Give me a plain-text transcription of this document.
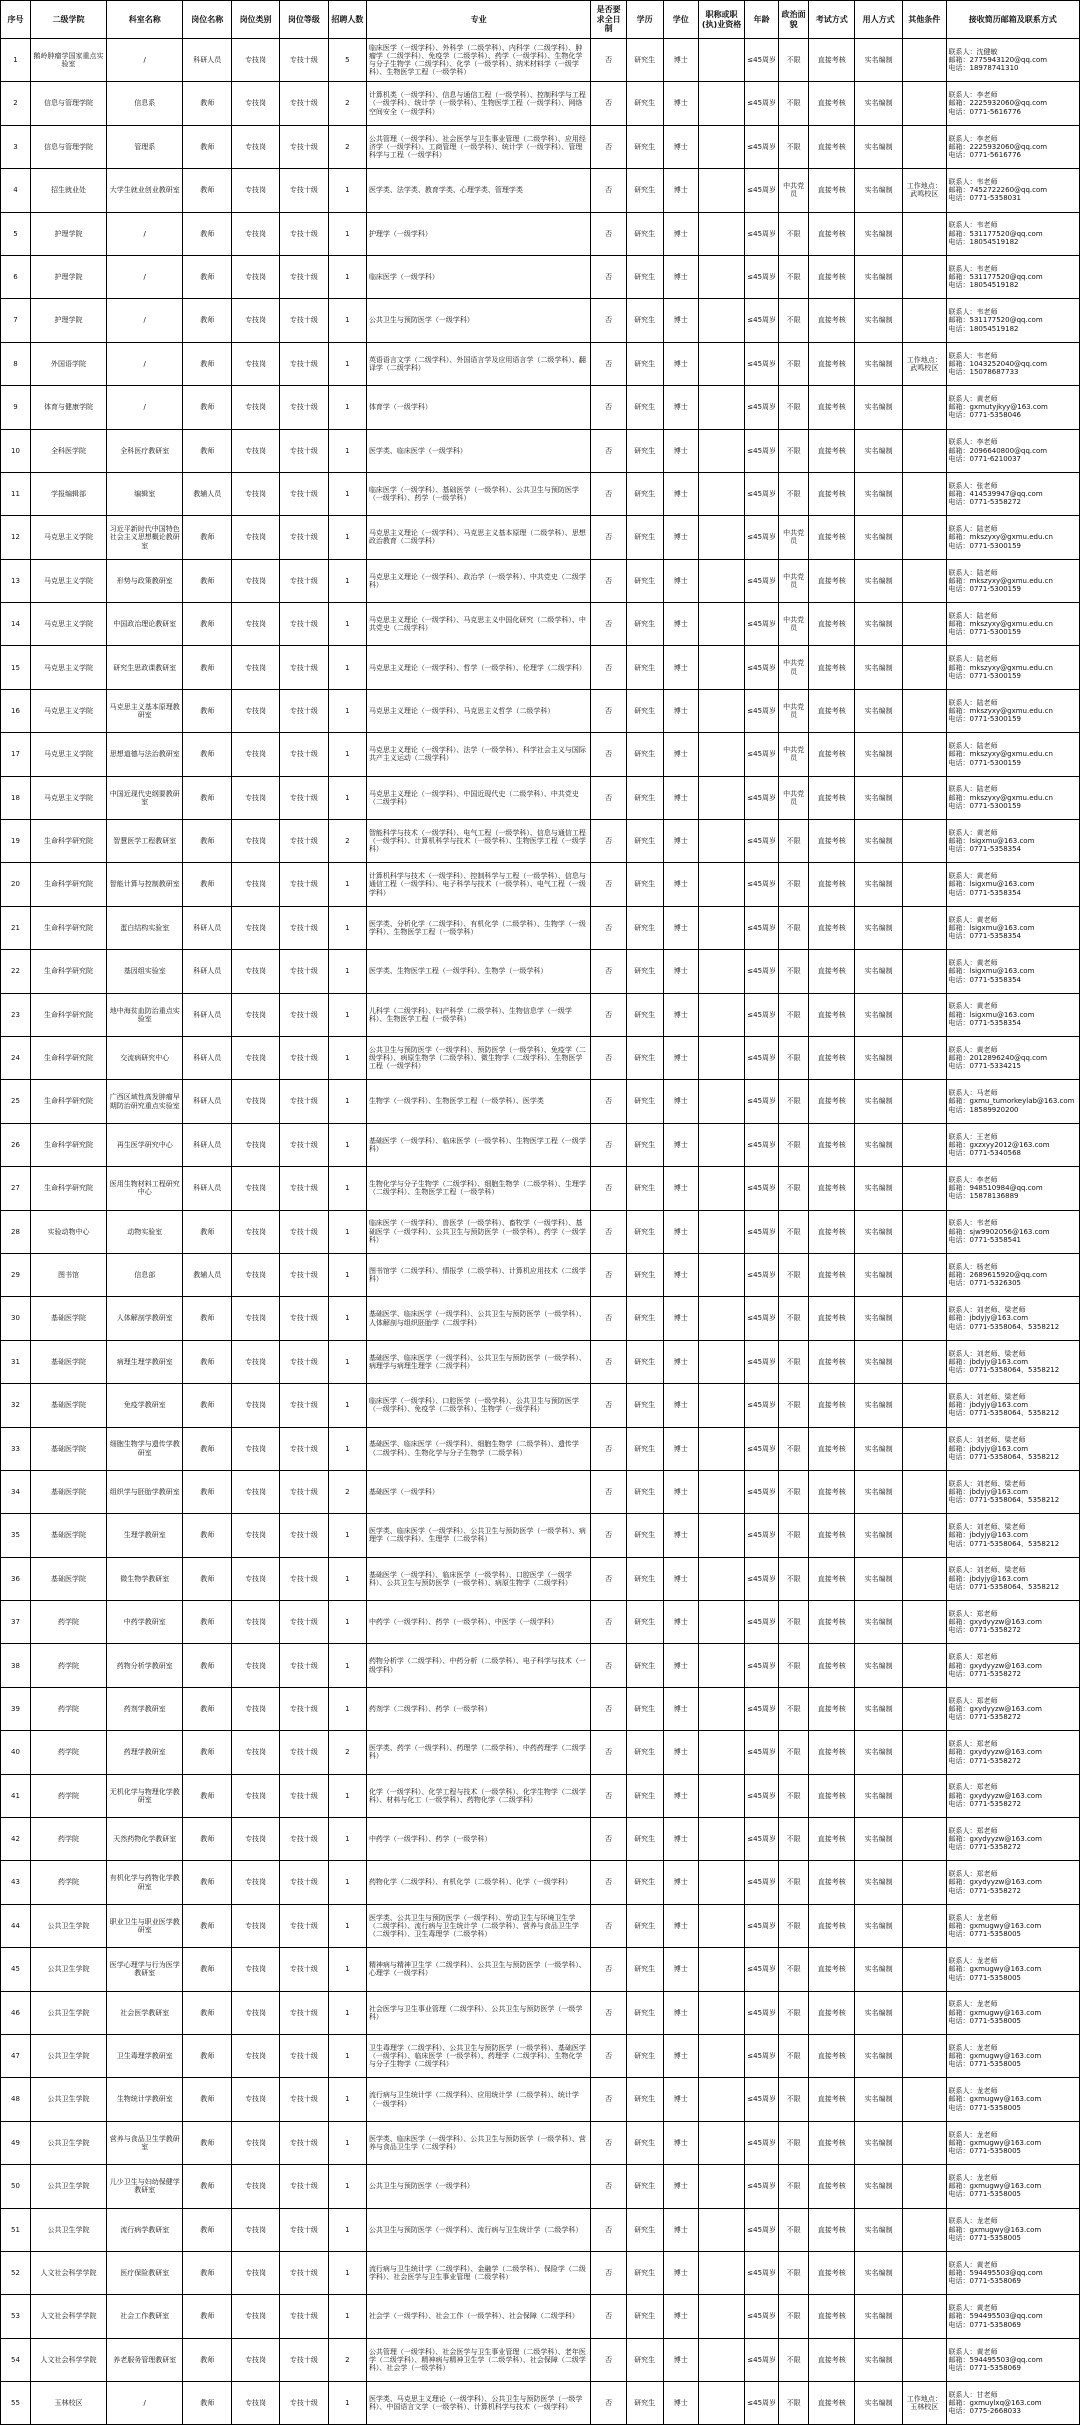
序号	二级学院	科室名称	岗位名称	岗位类别	岗位等级	招聘人数	专业	是否要求全日制	学历	学位	职称或职(执)业资格	年龄	政治面貌	考试方式	用人方式	其他条件	接收简历邮箱及联系方式
1	鹅岭肿瘤学国家重点实验室	/	科研人员	专技岗	专技十级	5	临床医学（一级学科）、外科学（二级学科）、内科学（二级学科）、肿瘤学（二级学科）、免疫学（二级学科）、药学（一级学科）、生物化学与分子生物学（二级学科）、化学（一级学科）、纳米材料学（一级学科）、生物医学工程（一级学科）	否	研究生	博士		≤45周岁	不限	直接考核	实名编制		联系人：沈健敏
邮箱：2775943120@qq.com
电话：18978741310
2	信息与管理学院	信息系	教师	专技岗	专技十级	2	计算机类（一级学科）、信息与通信工程（一级学科）、控制科学与工程（一级学科）、统计学（一级学科）、生物医学工程（一级学科）、网络空间安全（一级学科）	否	研究生	博士		≤45周岁	不限	直接考核	实名编制		联系人：李老师
邮箱：2225932060@qq.com
电话：0771-5616776
3	信息与管理学院	管理系	教师	专技岗	专技十级	2	公共管理（一级学科）、社会医学与卫生事业管理（二级学科）、应用经济学（一级学科）、工商管理（一级学科）、统计学（一级学科）、管理科学与工程（一级学科）	否	研究生	博士		≤45周岁	不限	直接考核	实名编制		联系人：李老师
邮箱：2225932060@qq.com
电话：0771-5616776
4	招生就业处	大学生就业创业教研室	教师	专技岗	专技十级	1	医学类、法学类、教育学类、心理学类、管理学类	否	研究生	博士		≤45周岁	中共党员	直接考核	实名编制	工作地点：武鸣校区	联系人：韦老师
邮箱：7452722260@qq.com
电话：0771-5358031
5	护理学院	/	教师	专技岗	专技十级	1	护理学（一级学科）	否	研究生	博士		≤45周岁	不限	直接考核	实名编制		联系人：韦老师
邮箱：531177520@qq.com
电话：18054519182
6	护理学院	/	教师	专技岗	专技十级	1	临床医学（一级学科）	否	研究生	博士		≤45周岁	不限	直接考核	实名编制		联系人：韦老师
邮箱：531177520@qq.com
电话：18054519182
7	护理学院	/	教师	专技岗	专技十级	1	公共卫生与预防医学（一级学科）	否	研究生	博士		≤45周岁	不限	直接考核	实名编制		联系人：韦老师
邮箱：531177520@qq.com
电话：18054519182
8	外国语学院	/	教师	专技岗	专技十级	1	英语语言文学（二级学科）、外国语言学及应用语言学（二级学科）、翻译学（二级学科）	否	研究生	博士		≤45周岁	不限	直接考核	实名编制	工作地点：武鸣校区	联系人：韦老师
邮箱：1043252040@qq.com
电话：15078687733
9	体育与健康学院	/	教师	专技岗	专技十级	1	体育学（一级学科）	否	研究生	博士		≤45周岁	不限	直接考核	实名编制		联系人：黄老师
邮箱：gxmutyjkyy@163.com
电话：0771-5358046
10	全科医学院	全科医疗教研室	教师	专技岗	专技十级	1	医学类、临床医学（一级学科）	否	研究生	博士		≤45周岁	不限	直接考核	实名编制		联系人：李老师
邮箱：2096640800@qq.com
电话：0771-6210037
11	学报编辑部	编辑室	教辅人员	专技岗	专技十级	1	临床医学（一级学科）、基础医学（一级学科）、公共卫生与预防医学（一级学科）、药学（一级学科）	否	研究生	博士		≤45周岁	不限	直接考核	实名编制		联系人：张老师
邮箱：414539947@qq.com
电话：0771-5358272
12	马克思主义学院	习近平新时代中国特色社会主义思想概论教研室	教师	专技岗	专技十级	1	马克思主义理论（一级学科）、马克思主义基本原理（二级学科）、思想政治教育（二级学科）	否	研究生	博士		≤45周岁	中共党员	直接考核	实名编制		联系人：陆老师
邮箱：mkszyxy@gxmu.edu.cn
电话：0771-5300159
13	马克思主义学院	形势与政策教研室	教师	专技岗	专技十级	1	马克思主义理论（一级学科）、政治学（一级学科）、中共党史（二级学科）	否	研究生	博士		≤45周岁	中共党员	直接考核	实名编制		联系人：陆老师
邮箱：mkszyxy@gxmu.edu.cn
电话：0771-5300159
14	马克思主义学院	中国政治理论教研室	教师	专技岗	专技十级	1	马克思主义理论（一级学科）、马克思主义中国化研究（二级学科）、中共党史（二级学科）	否	研究生	博士		≤45周岁	中共党员	直接考核	实名编制		联系人：陆老师
邮箱：mkszyxy@gxmu.edu.cn
电话：0771-5300159
15	马克思主义学院	研究生思政课教研室	教师	专技岗	专技十级	1	马克思主义理论（一级学科）、哲学（一级学科）、伦理学（二级学科）	否	研究生	博士		≤45周岁	中共党员	直接考核	实名编制		联系人：陆老师
邮箱：mkszyxy@gxmu.edu.cn
电话：0771-5300159
16	马克思主义学院	马克思主义基本原理教研室	教师	专技岗	专技十级	1	马克思主义理论（一级学科）、马克思主义哲学（二级学科）	否	研究生	博士		≤45周岁	中共党员	直接考核	实名编制		联系人：陆老师
邮箱：mkszyxy@gxmu.edu.cn
电话：0771-5300159
17	马克思主义学院	思想道德与法治教研室	教师	专技岗	专技十级	1	马克思主义理论（一级学科）、法学（一级学科）、科学社会主义与国际共产主义运动（二级学科）	否	研究生	博士		≤45周岁	中共党员	直接考核	实名编制		联系人：陆老师
邮箱：mkszyxy@gxmu.edu.cn
电话：0771-5300159
18	马克思主义学院	中国近现代史纲要教研室	教师	专技岗	专技十级	1	马克思主义理论（一级学科）、中国近现代史（二级学科）、中共党史（二级学科）	否	研究生	博士		≤45周岁	中共党员	直接考核	实名编制		联系人：陆老师
邮箱：mkszyxy@gxmu.edu.cn
电话：0771-5300159
19	生命科学研究院	智慧医学工程教研室	教师	专技岗	专技十级	2	智能科学与技术（一级学科）、电气工程（一级学科）、信息与通信工程（一级学科）、计算机科学与技术（一级学科）、生物医学工程（一级学科）	否	研究生	博士		≤45周岁	不限	直接考核	实名编制		联系人：黄老师
邮箱：lsigxmu@163.com
电话：0771-5358354
20	生命科学研究院	智能计算与控制教研室	教师	专技岗	专技十级	1	计算机科学与技术（一级学科）、控制科学与工程（一级学科）、信息与通信工程（一级学科）、电子科学与技术（一级学科）、电气工程（一级学科）	否	研究生	博士		≤45周岁	不限	直接考核	实名编制		联系人：黄老师
邮箱：lsigxmu@163.com
电话：0771-5358354
21	生命科学研究院	蛋白结构实验室	科研人员	专技岗	专技十级	1	医学类、分析化学（二级学科）、有机化学（二级学科）、生物学（一级学科）、生物医学工程（一级学科）	否	研究生	博士		≤45周岁	不限	直接考核	实名编制		联系人：黄老师
邮箱：lsigxmu@163.com
电话：0771-5358354
22	生命科学研究院	基因组实验室	科研人员	专技岗	专技十级	1	医学类、生物医学工程（一级学科）、生物学（一级学科）	否	研究生	博士		≤45周岁	不限	直接考核	实名编制		联系人：黄老师
邮箱：lsigxmu@163.com
电话：0771-5358354
23	生命科学研究院	地中海贫血防治重点实验室	科研人员	专技岗	专技十级	1	儿科学（二级学科）、妇产科学（二级学科）、生物信息学（一级学科）、生物医学工程（一级学科）	否	研究生	博士		≤45周岁	不限	直接考核	实名编制		联系人：黄老师
邮箱：lsigxmu@163.com
电话：0771-5358354
24	生命科学研究院	交流病研究中心	科研人员	专技岗	专技十级	1	公共卫生与预防医学（一级学科）、预防医学（一级学科）、免疫学（二级学科）、病原生物学（二级学科）、微生物学（二级学科）、生物医学工程（一级学科）	否	研究生	博士		≤45周岁	不限	直接考核	实名编制		联系人：黄老师
邮箱：2012896240@qq.com
电话：0771-5334215
25	生命科学研究院	广西区域性高发肿瘤早期防治研究重点实验室	科研人员	专技岗	专技十级	1	生物学（一级学科）、生物医学工程（一级学科）、医学类	否	研究生	博士		≤45周岁	不限	直接考核	实名编制		联系人：马老师
邮箱：gxmu_tumorkeylab@163.com
电话：18589920200
26	生命科学研究院	再生医学研究中心	科研人员	专技岗	专技十级	1	基础医学（一级学科）、临床医学（一级学科）、生物医学工程（一级学科）	否	研究生	博士		≤45周岁	不限	直接考核	实名编制		联系人：王老师
邮箱：gxzxyy2012@163.com
电话：0771-5340568
27	生命科学研究院	医用生物材料工程研究中心	科研人员	专技岗	专技十级	1	生物化学与分子生物学（二级学科）、细胞生物学（二级学科）、生理学（二级学科）、生物医学工程（一级学科）	否	研究生	博士		≤45周岁	不限	直接考核	实名编制		联系人：李老师
邮箱：948510984@qq.com
电话：15878136889
28	实验动物中心	动物实验室	教师	专技岗	专技十级	1	临床医学（一级学科）、兽医学（一级学科）、畜牧学（一级学科）、基础医学（一级学科）、公共卫生与预防医学（一级学科）、药学（一级学科）	否	研究生	博士		≤45周岁	不限	直接考核	实名编制		联系人：韦老师
邮箱：sjw9902056@163.com
电话：0771-5358541
29	图书馆	信息部	教辅人员	专技岗	专技十级	1	图书馆学（二级学科）、情报学（二级学科）、计算机应用技术（二级学科）	否	研究生	博士		≤45周岁	不限	直接考核	实名编制		联系人：杨老师
邮箱：2689615920@qq.com
电话：0771-5326305
30	基础医学院	人体解剖学教研室	教师	专技岗	专技十级	1	基础医学、临床医学（一级学科）、公共卫生与预防医学（一级学科）、人体解剖与组织胚胎学（二级学科）	否	研究生	博士		≤45周岁	不限	直接考核	实名编制		联系人：刘老师、梁老师
邮箱：jbdyjy@163.com
电话：0771-5358064、5358212
31	基础医学院	病理生理学教研室	教师	专技岗	专技十级	1	基础医学、临床医学（一级学科）、公共卫生与预防医学（一级学科）、病理学与病理生理学（二级学科）	否	研究生	博士		≤45周岁	不限	直接考核	实名编制		联系人：刘老师、梁老师
邮箱：jbdyjy@163.com
电话：0771-5358064、5358212
32	基础医学院	免疫学教研室	教师	专技岗	专技十级	1	临床医学（一级学科）、口腔医学（一级学科）、公共卫生与预防医学（一级学科）、免疫学（二级学科）、生物学（一级学科）	否	研究生	博士		≤45周岁	不限	直接考核	实名编制		联系人：刘老师、梁老师
邮箱：jbdyjy@163.com
电话：0771-5358064、5358212
33	基础医学院	细胞生物学与遗传学教研室	教师	专技岗	专技十级	1	基础医学、临床医学（一级学科）、细胞生物学（二级学科）、遗传学（二级学科）、生物化学与分子生物学（二级学科）	否	研究生	博士		≤45周岁	不限	直接考核	实名编制		联系人：刘老师、梁老师
邮箱：jbdyjy@163.com
电话：0771-5358064、5358212
34	基础医学院	组织学与胚胎学教研室	教师	专技岗	专技十级	2	基础医学（一级学科）	否	研究生	博士		≤45周岁	不限	直接考核	实名编制		联系人：刘老师、梁老师
邮箱：jbdyjy@163.com
电话：0771-5358064、5358212
35	基础医学院	生理学教研室	教师	专技岗	专技十级	1	医学类、临床医学（一级学科）、公共卫生与预防医学（一级学科）、病理学（二级学科）、生理学（二级学科）	否	研究生	博士		≤45周岁	不限	直接考核	实名编制		联系人：刘老师、梁老师
邮箱：jbdyjy@163.com
电话：0771-5358064、5358212
36	基础医学院	微生物学教研室	教师	专技岗	专技十级	1	基础医学（一级学科）、临床医学（一级学科）、口腔医学（一级学科）、公共卫生与预防医学（一级学科）、病原生物学（二级学科）	否	研究生	博士		≤45周岁	不限	直接考核	实名编制		联系人：刘老师、梁老师
邮箱：jbdyjy@163.com
电话：0771-5358064、5358212
37	药学院	中药学教研室	教师	专技岗	专技十级	1	中药学（一级学科）、药学（一级学科）、中医学（一级学科）	否	研究生	博士		≤45周岁	不限	直接考核	实名编制		联系人：郑老师
邮箱：gxydyyzw@163.com
电话：0771-5358272
38	药学院	药物分析学教研室	教师	专技岗	专技十级	1	药物分析学（二级学科）、中药分析（二级学科）、电子科学与技术（一级学科）	否	研究生	博士		≤45周岁	不限	直接考核	实名编制		联系人：郑老师
邮箱：gxydyyzw@163.com
电话：0771-5358272
39	药学院	药剂学教研室	教师	专技岗	专技十级	1	药剂学（二级学科）、药学（一级学科）	否	研究生	博士		≤45周岁	不限	直接考核	实名编制		联系人：郑老师
邮箱：gxydyyzw@163.com
电话：0771-5358272
40	药学院	药理学教研室	教师	专技岗	专技十级	2	医学类、药学（一级学科）、药理学（二级学科）、中药药理学（二级学科）	否	研究生	博士		≤45周岁	不限	直接考核	实名编制		联系人：郑老师
邮箱：gxydyyzw@163.com
电话：0771-5358272
41	药学院	无机化学与物理化学教研室	教师	专技岗	专技十级	1	化学（一级学科）、化学工程与技术（一级学科）、化学生物学（二级学科）、材料与化工（一级学科）、药物化学（二级学科）	否	研究生	博士		≤45周岁	不限	直接考核	实名编制		联系人：郑老师
邮箱：gxydyyzw@163.com
电话：0771-5358272
42	药学院	天然药物化学教研室	教师	专技岗	专技十级	1	中药学（一级学科）、药学（一级学科）	否	研究生	博士		≤45周岁	不限	直接考核	实名编制		联系人：郑老师
邮箱：gxydyyzw@163.com
电话：0771-5358272
43	药学院	有机化学与药物化学教研室	教师	专技岗	专技十级	1	药物化学（二级学科）、有机化学（二级学科）、化学（一级学科）	否	研究生	博士		≤45周岁	不限	直接考核	实名编制		联系人：郑老师
邮箱：gxydyyzw@163.com
电话：0771-5358272
44	公共卫生学院	职业卫生与职业医学教研室	教师	专技岗	专技十级	1	医学类、公共卫生与预防医学（一级学科）、劳动卫生与环境卫生学（二级学科）、流行病与卫生统计学（二级学科）、营养与食品卫生学（二级学科）、卫生毒理学（二级学科）	否	研究生	博士		≤45周岁	不限	直接考核	实名编制		联系人：龙老师
邮箱：gxmugwy@163.com
电话：0771-5358005
45	公共卫生学院	医学心理学与行为医学教研室	教师	专技岗	专技十级	1	精神病与精神卫生学（二级学科）、公共卫生与预防医学（一级学科）、心理学（一级学科）	否	研究生	博士		≤45周岁	不限	直接考核	实名编制		联系人：龙老师
邮箱：gxmugwy@163.com
电话：0771-5358005
46	公共卫生学院	社会医学教研室	教师	专技岗	专技十级	1	社会医学与卫生事业管理（二级学科）、公共卫生与预防医学（一级学科）	否	研究生	博士		≤45周岁	不限	直接考核	实名编制		联系人：龙老师
邮箱：gxmugwy@163.com
电话：0771-5358005
47	公共卫生学院	卫生毒理学教研室	教师	专技岗	专技十级	1	卫生毒理学（二级学科）、公共卫生与预防医学（一级学科）、基础医学（一级学科）、临床医学（一级学科）、药理学（二级学科）、生物化学与分子生物学（二级学科）	否	研究生	博士		≤45周岁	不限	直接考核	实名编制		联系人：龙老师
邮箱：gxmugwy@163.com
电话：0771-5358005
48	公共卫生学院	生物统计学教研室	教师	专技岗	专技十级	1	流行病与卫生统计学（二级学科）、应用统计学（二级学科）、统计学（一级学科）	否	研究生	博士		≤45周岁	不限	直接考核	实名编制		联系人：龙老师
邮箱：gxmugwy@163.com
电话：0771-5358005
49	公共卫生学院	营养与食品卫生学教研室	教师	专技岗	专技十级	1	医学类、临床医学（一级学科）、公共卫生与预防医学（一级学科）、营养与食品卫生学（二级学科）	否	研究生	博士		≤45周岁	不限	直接考核	实名编制		联系人：龙老师
邮箱：gxmugwy@163.com
电话：0771-5358005
50	公共卫生学院	儿少卫生与妇幼保健学教研室	教师	专技岗	专技十级	1	公共卫生与预防医学（一级学科）	否	研究生	博士		≤45周岁	不限	直接考核	实名编制		联系人：龙老师
邮箱：gxmugwy@163.com
电话：0771-5358005
51	公共卫生学院	流行病学教研室	教师	专技岗	专技十级	1	公共卫生与预防医学（一级学科）、流行病与卫生统计学（二级学科）	否	研究生	博士		≤45周岁	不限	直接考核	实名编制		联系人：龙老师
邮箱：gxmugwy@163.com
电话：0771-5358005
52	人文社会科学学院	医疗保险教研室	教师	专技岗	专技十级	1	流行病与卫生统计学（二级学科）、金融学（二级学科）、保险学（二级学科）、社会医学与卫生事业管理（二级学科）	否	研究生	博士		≤45周岁	不限	直接考核	实名编制		联系人：黄老师
邮箱：594495503@qq.com
电话：0771-5358069
53	人文社会科学学院	社会工作教研室	教师	专技岗	专技十级	1	社会学（一级学科）、社会工作（一级学科）、社会保障（二级学科）	否	研究生	博士		≤45周岁	不限	直接考核	实名编制		联系人：黄老师
邮箱：594495503@qq.com
电话：0771-5358069
54	人文社会科学学院	养老服务管理教研室	教师	专技岗	专技十级	2	公共管理（一级学科）、社会医学与卫生事业管理（二级学科）、老年医学（二级学科）、精神病与精神卫生学（二级学科）、社会保障（二级学科）、社会学（一级学科）	否	研究生	博士		≤45周岁	不限	直接考核	实名编制		联系人：黄老师
邮箱：594495503@qq.com
电话：0771-5358069
55	玉林校区	/	教师	专技岗	专技十级	1	医学类、马克思主义理论（一级学科）、公共卫生与预防医学（一级学科）、中国语言文学（一级学科）、计算机科学与技术（一级学科）	否	研究生	博士		≤45周岁	不限	直接考核	实名编制	工作地点：玉林校区	联系人：甘老师
邮箱：gxmuylxq@163.com
电话：0775-2668033
